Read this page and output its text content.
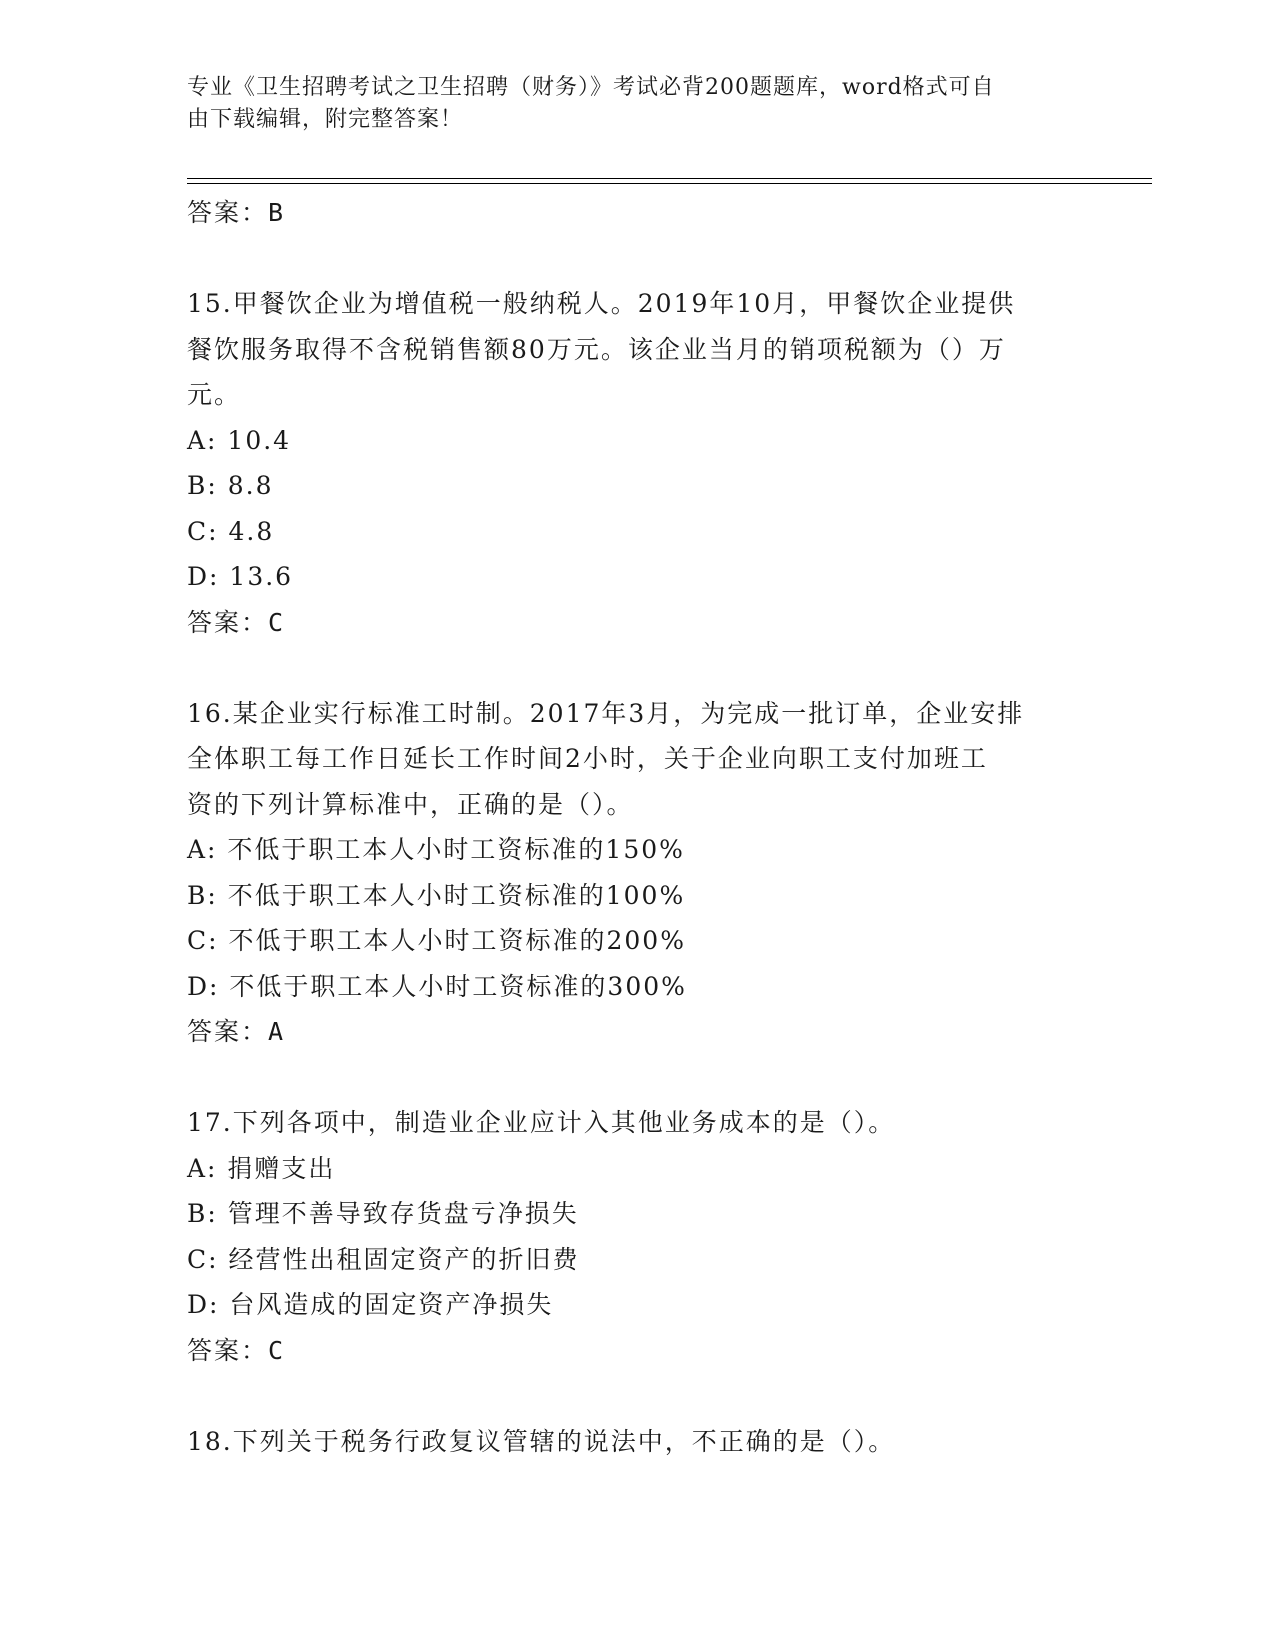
专业《卫生招聘考试之卫生招聘（财务）》考试必背200题题库，word格式可自
由下载编辑，附完整答案！
答案：B
15.甲餐饮企业为增值税一般纳税人。2019年10月，甲餐饮企业提供
餐饮服务取得不含税销售额80万元。该企业当月的销项税额为（）万
元。
A: 10.4
B: 8.8
C: 4.8
D: 13.6
答案：C
16.某企业实行标准工时制。2017年3月，为完成一批订单，企业安排
全体职工每工作日延长工作时间2小时，关于企业向职工支付加班工
资的下列计算标准中，正确的是（）。
A: 不低于职工本人小时工资标准的150%
B: 不低于职工本人小时工资标准的100%
C: 不低于职工本人小时工资标准的200%
D: 不低于职工本人小时工资标准的300%
答案：A
17.下列各项中，制造业企业应计入其他业务成本的是（）。
A: 捐赠支出
B: 管理不善导致存货盘亏净损失
C: 经营性出租固定资产的折旧费
D: 台风造成的固定资产净损失
答案：C
18.下列关于税务行政复议管辖的说法中，不正确的是（）。
